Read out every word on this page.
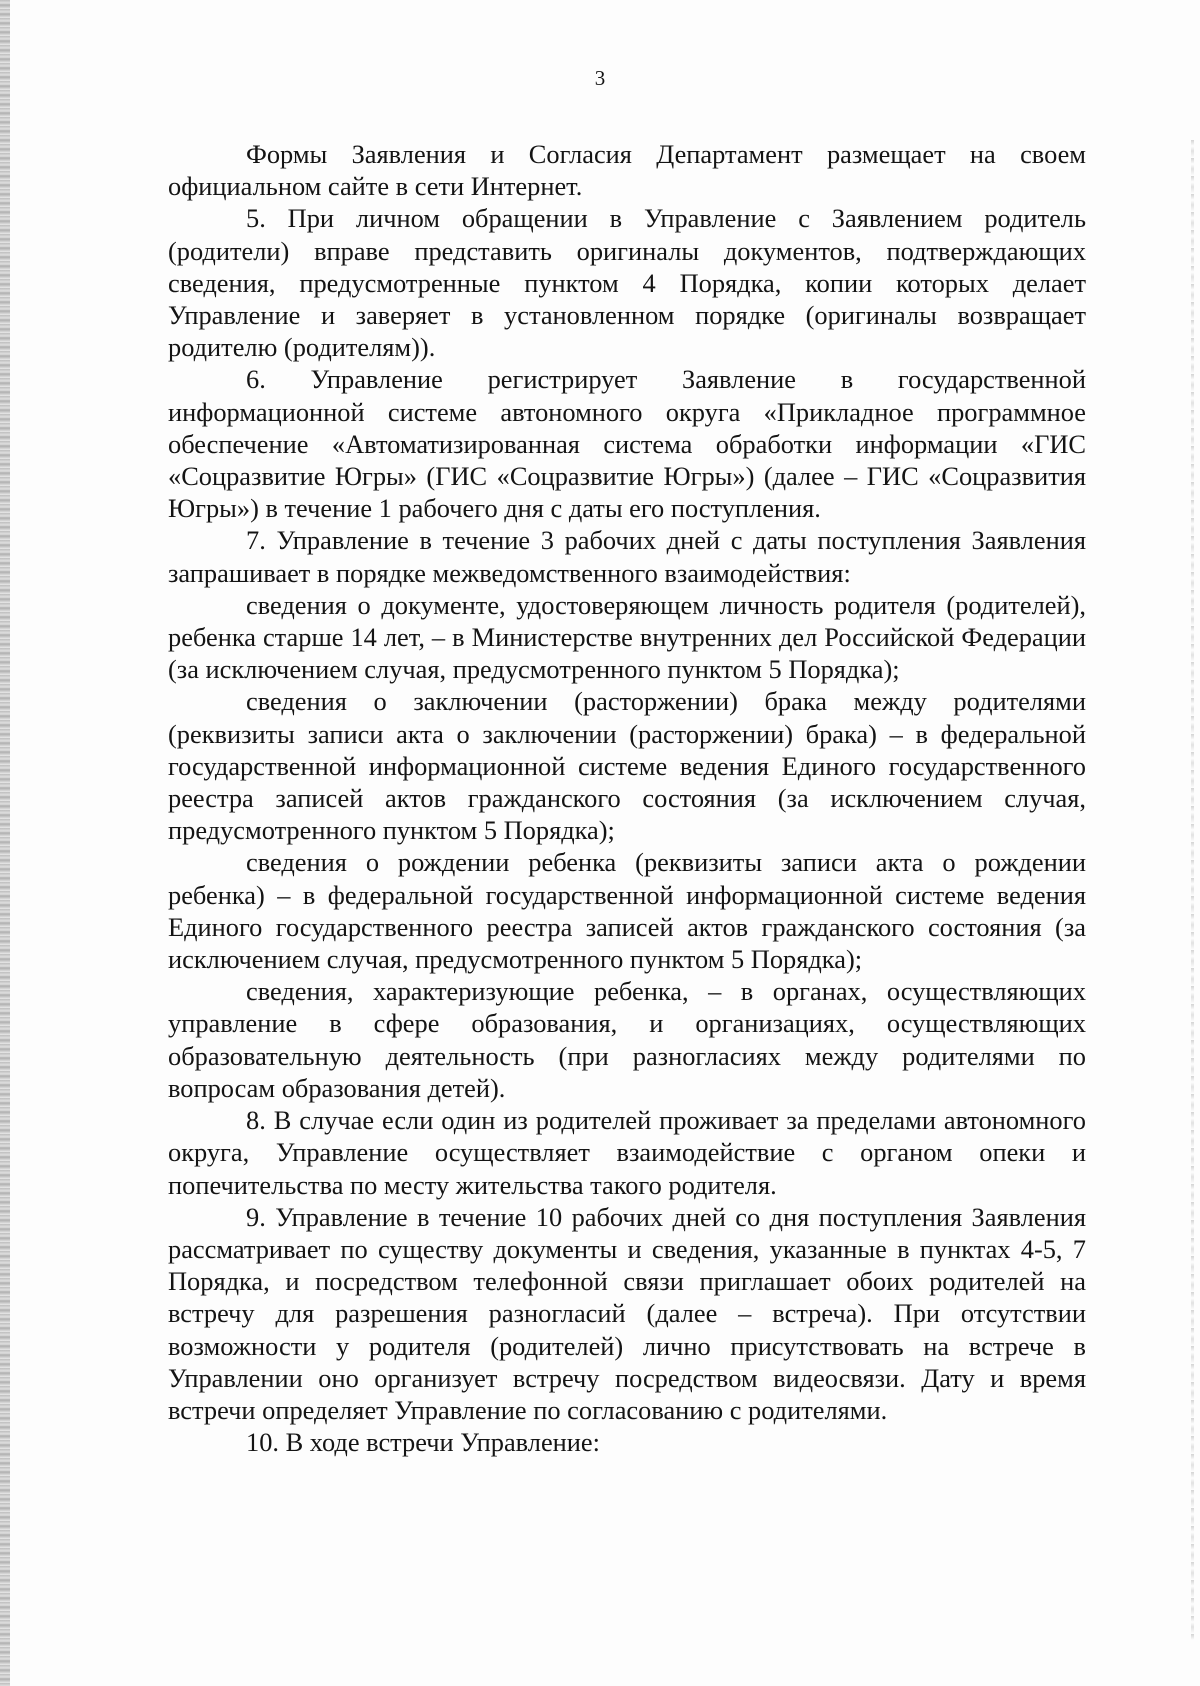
3

Формы Заявления и Согласия Департамент размещает на своем официальном сайте в сети Интернет.

5. При личном обращении в Управление с Заявлением родитель (родители) вправе представить оригиналы документов, подтверждающих сведения, предусмотренные пунктом 4 Порядка, копии которых делает Управление и заверяет в установленном порядке (оригиналы возвращает родителю (родителям)).

6. Управление регистрирует Заявление в государственной информационной системе автономного округа «Прикладное программное обеспечение «Автоматизированная система обработки информации «ГИС «Соцразвитие Югры» (ГИС «Соцразвитие Югры») (далее – ГИС «Соцразвития Югры») в течение 1 рабочего дня с даты его поступления.

7. Управление в течение 3 рабочих дней с даты поступления Заявления запрашивает в порядке межведомственного взаимодействия:

сведения о документе, удостоверяющем личность родителя (родителей), ребенка старше 14 лет, – в Министерстве внутренних дел Российской Федерации (за исключением случая, предусмотренного пунктом 5 Порядка);

сведения о заключении (расторжении) брака между родителями (реквизиты записи акта о заключении (расторжении) брака) – в федеральной государственной информационной системе ведения Единого государственного реестра записей актов гражданского состояния (за исключением случая, предусмотренного пунктом 5 Порядка);

сведения о рождении ребенка (реквизиты записи акта о рождении ребенка) – в федеральной государственной информационной системе ведения Единого государственного реестра записей актов гражданского состояния (за исключением случая, предусмотренного пунктом 5 Порядка);

сведения, характеризующие ребенка, – в органах, осуществляющих управление в сфере образования, и организациях, осуществляющих образовательную деятельность (при разногласиях между родителями по вопросам образования детей).

8. В случае если один из родителей проживает за пределами автономного округа, Управление осуществляет взаимодействие с органом опеки и попечительства по месту жительства такого родителя.

9. Управление в течение 10 рабочих дней со дня поступления Заявления рассматривает по существу документы и сведения, указанные в пунктах 4-5, 7 Порядка, и посредством телефонной связи приглашает обоих родителей на встречу для разрешения разногласий (далее – встреча). При отсутствии возможности у родителя (родителей) лично присутствовать на встрече в Управлении оно организует встречу посредством видеосвязи. Дату и время встречи определяет Управление по согласованию с родителями.

10. В ходе встречи Управление:
